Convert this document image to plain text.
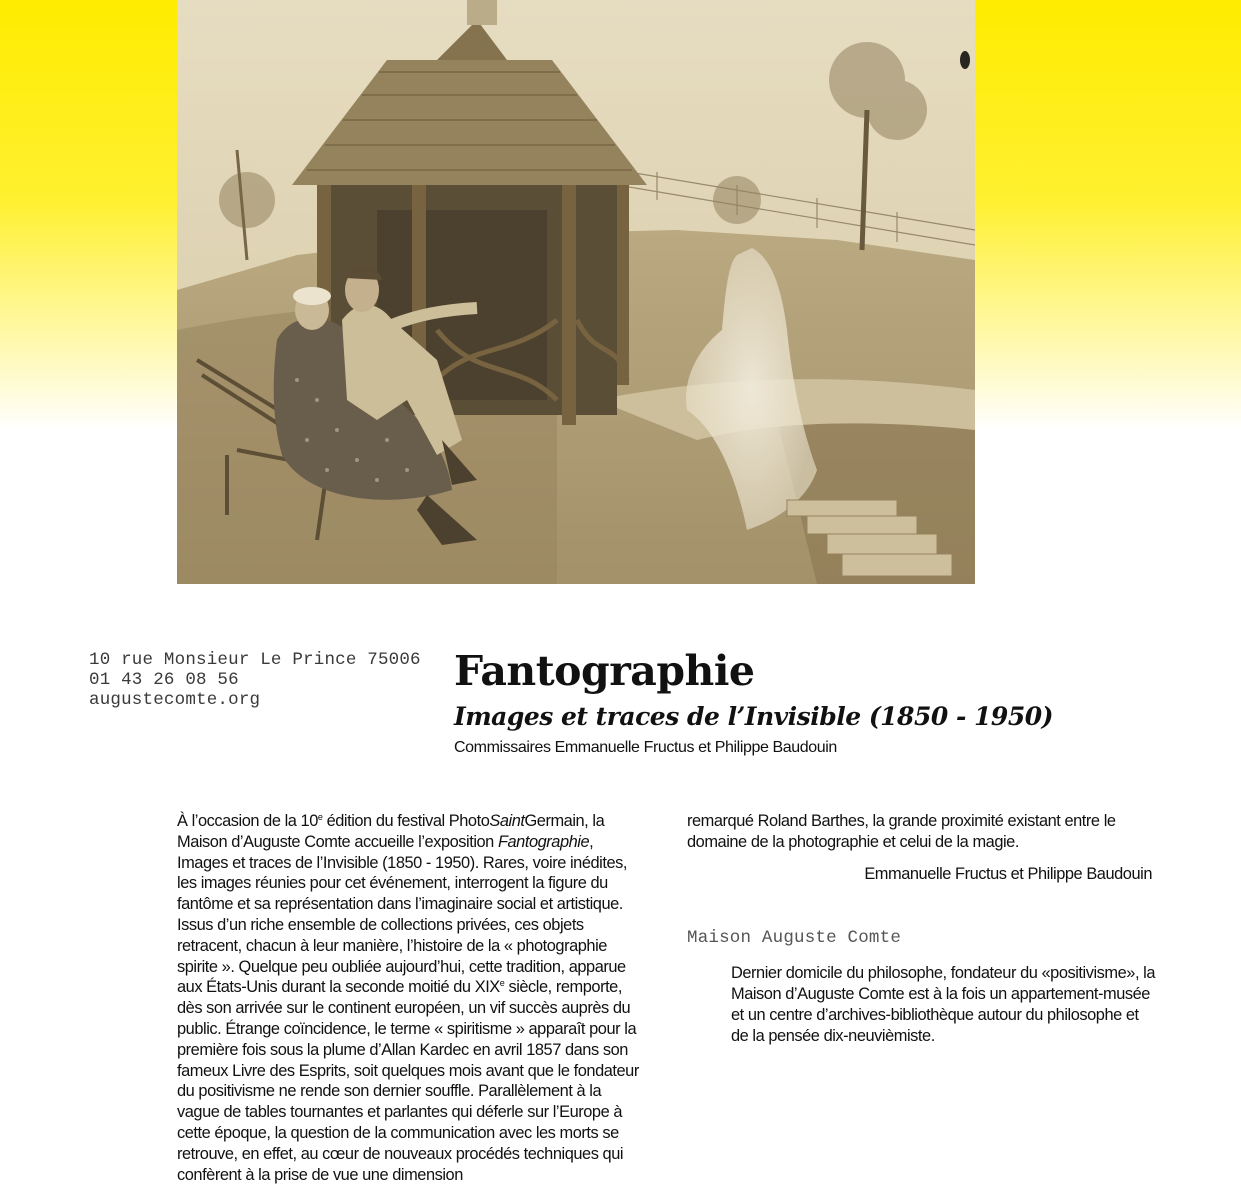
10 rue Monsieur Le Prince 75006
01 43 26 08 56
augustecomte.org
Fantographie
Images et traces de l’Invisible (1850 - 1950)

Commissaires Emmanuelle Fructus et Philippe Baudouin

À l’occasion de la 10e édition du festival PhotoSaintGermain, la Maison d’Auguste Comte accueille l’exposition Fantographie, Images et traces de l’Invisible (1850 - 1950). Rares, voire inédites, les images réunies pour cet événement, interrogent la figure du fantôme et sa représentation dans l’imaginaire social et artistique. Issus d’un riche ensemble de collections privées, ces objets retracent, chacun à leur manière, l’histoire de la « photographie spirite ». Quelque peu oubliée aujourd’hui, cette tradition, apparue aux États-Unis durant la seconde moitié du XIXe siècle, remporte, dès son arrivée sur le continent européen, un vif succès auprès du public. Étrange coïncidence, le terme « spiritisme » apparaît pour la première fois sous la plume d’Allan Kardec en avril 1857 dans son fameux Livre des Esprits, soit quelques mois avant que le fondateur du positivisme ne rende son dernier souffle. Parallèlement à la vague de tables tournantes et parlantes qui déferle sur l’Europe à cette époque, la question de la communication avec les morts se retrouve, en effet, au cœur de nouveaux procédés techniques qui confèrent à la prise de vue une dimension

remarqué Roland Barthes, la grande proximité existant entre le domaine de la photographie et celui de la magie.

Emmanuelle Fructus et Philippe Baudouin

Maison Auguste Comte

Dernier domicile du philosophe, fondateur du «positivisme», la Maison d’Auguste Comte est à la fois un appartement-musée et un centre d’archives-bibliothèque autour du philosophe et de la pensée dix-neuvièmiste.
